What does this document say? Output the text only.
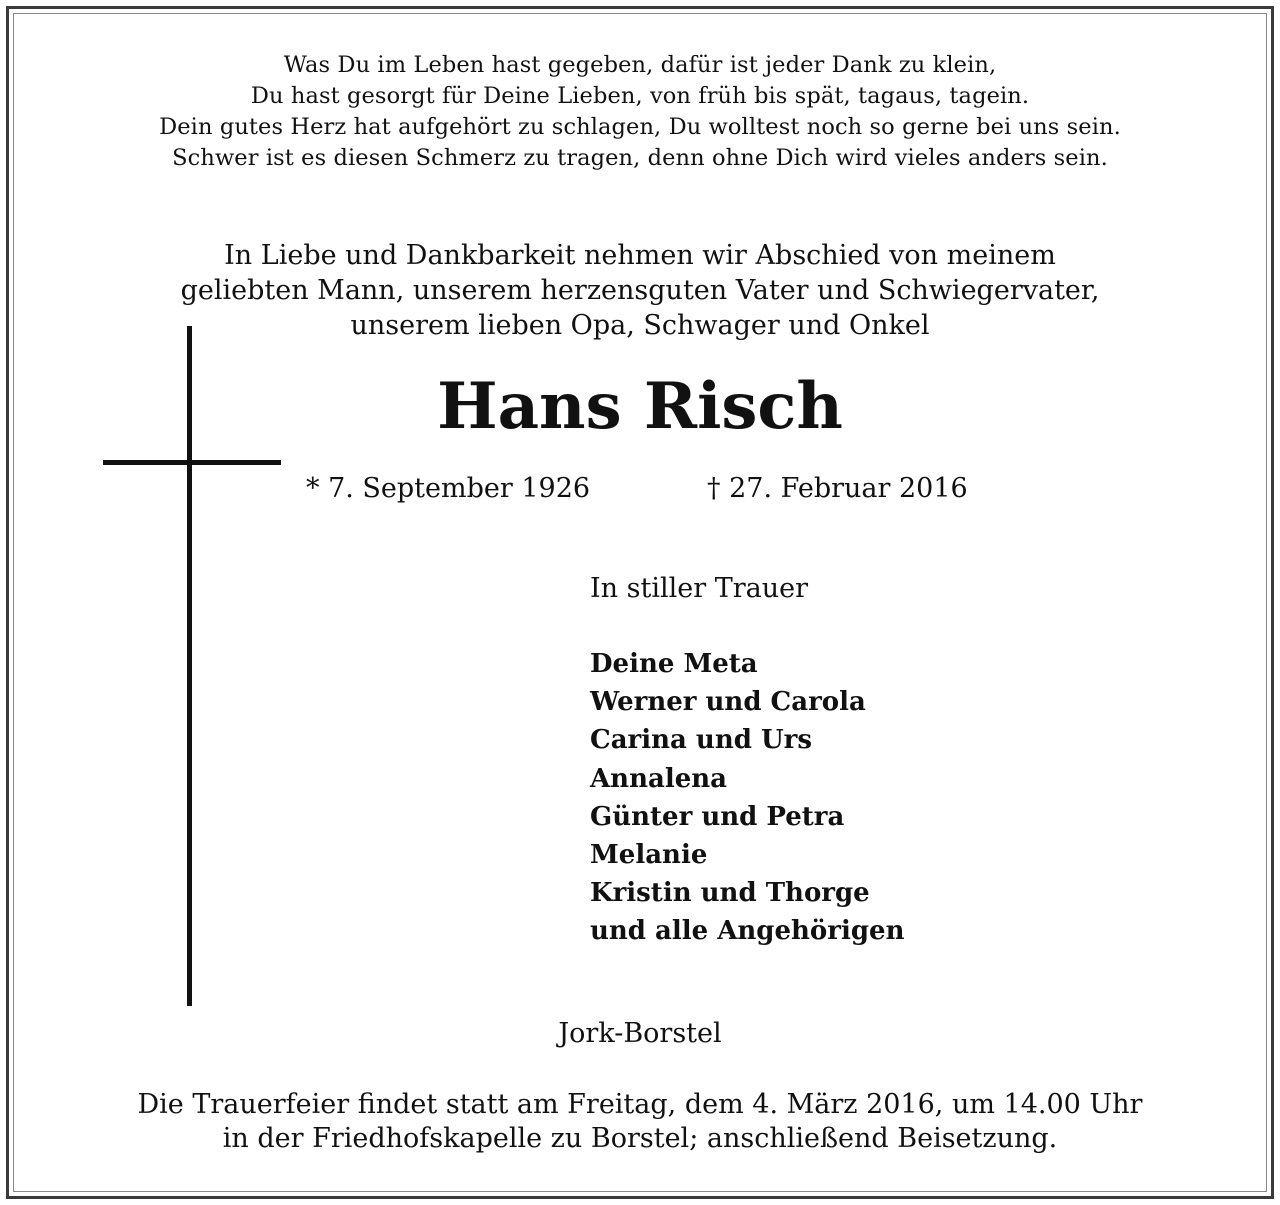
Was Du im Leben hast gegeben, dafür ist jeder Dank zu klein,
Du hast gesorgt für Deine Lieben, von früh bis spät, tagaus, tagein.
Dein gutes Herz hat aufgehört zu schlagen, Du wolltest noch so gerne bei uns sein.
Schwer ist es diesen Schmerz zu tragen, denn ohne Dich wird vieles anders sein.
In Liebe und Dankbarkeit nehmen wir Abschied von meinem
geliebten Mann, unserem herzensguten Vater und Schwiegervater,
unserem lieben Opa, Schwager und Onkel
Hans Risch
* 7. September 1926	† 27. Februar 2016
In stiller Trauer
Deine Meta
Werner und Carola
Carina und Urs
Annalena
Günter und Petra
Melanie
Kristin und Thorge
und alle Angehörigen
Jork-Borstel
Die Trauerfeier findet statt am Freitag, dem 4. März 2016, um 14.00 Uhr
in der Friedhofskapelle zu Borstel; anschließend Beisetzung.
